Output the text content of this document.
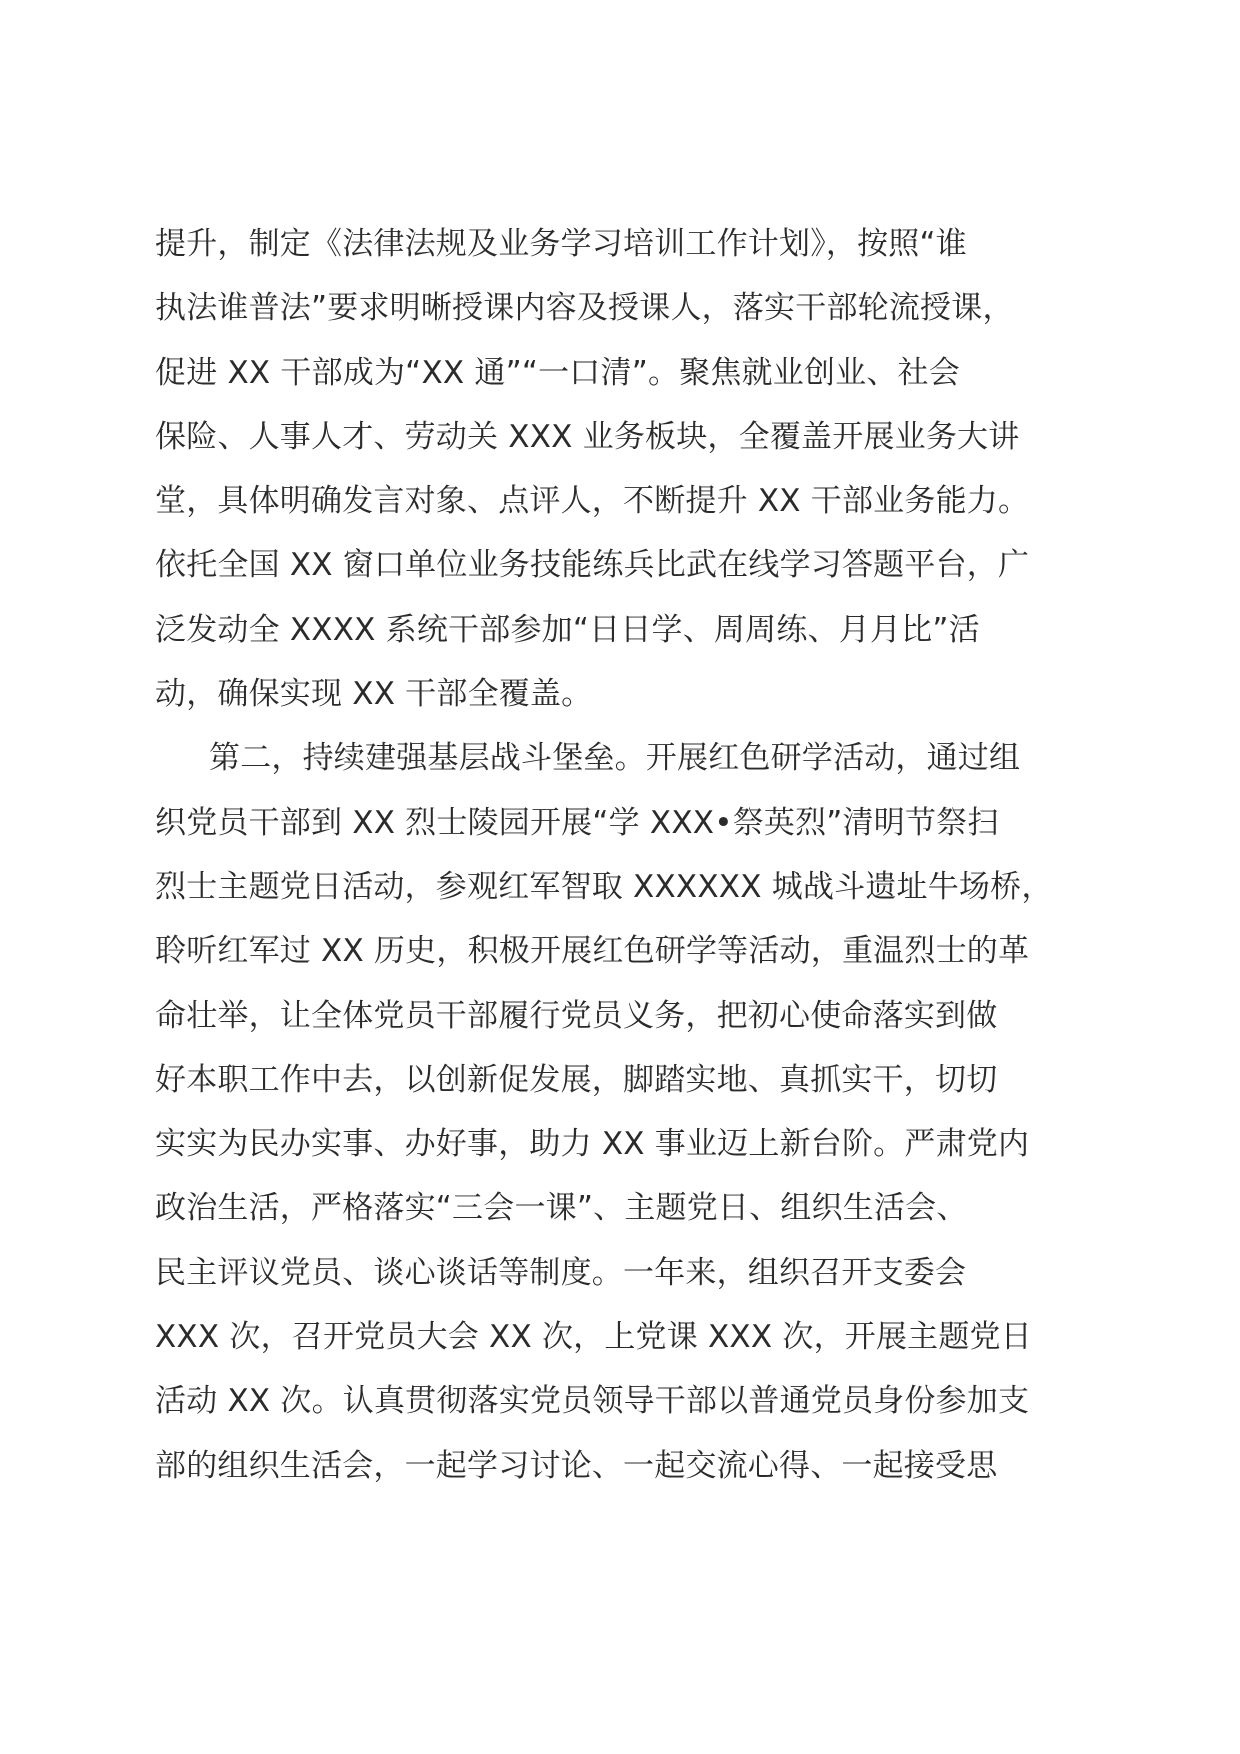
提升，制定《法律法规及业务学习培训工作计划》，按照“谁
执法谁普法”要求明晰授课内容及授课人，落实干部轮流授课，
促进 XX 干部成为“XX 通”“一口清”。聚焦就业创业、社会
保险、人事人才、劳动关 XXX 业务板块，全覆盖开展业务大讲
堂，具体明确发言对象、点评人，不断提升 XX 干部业务能力。
依托全国 XX 窗口单位业务技能练兵比武在线学习答题平台，广
泛发动全 XXXX 系统干部参加“日日学、周周练、月月比”活
动，确保实现 XX 干部全覆盖。
第二，持续建强基层战斗堡垒。开展红色研学活动，通过组
织党员干部到 XX 烈士陵园开展“学 XXX•祭英烈”清明节祭扫
烈士主题党日活动，参观红军智取 XXXXXX 城战斗遗址牛场桥，
聆听红军过 XX 历史，积极开展红色研学等活动，重温烈士的革
命壮举，让全体党员干部履行党员义务，把初心使命落实到做
好本职工作中去，以创新促发展，脚踏实地、真抓实干，切切
实实为民办实事、办好事，助力 XX 事业迈上新台阶。严肃党内
政治生活，严格落实“三会一课”、主题党日、组织生活会、
民主评议党员、谈心谈话等制度。一年来，组织召开支委会
XXX 次，召开党员大会 XX 次，上党课 XXX 次，开展主题党日
活动 XX 次。认真贯彻落实党员领导干部以普通党员身份参加支
部的组织生活会，一起学习讨论、一起交流心得、一起接受思
